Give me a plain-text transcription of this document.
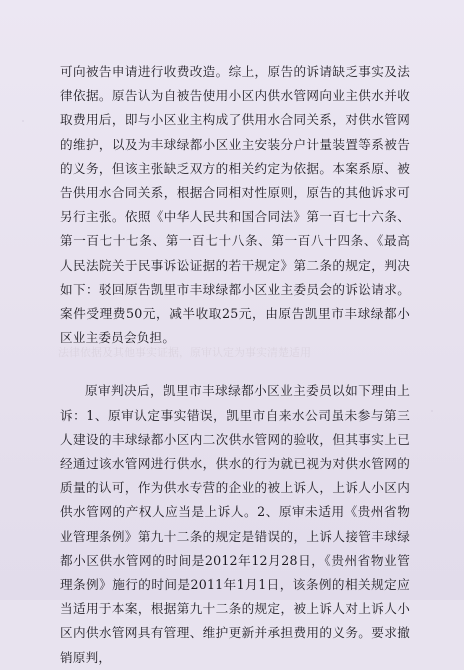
法律依据及其他事实证据，原审认定为事实清楚适用

可向被告申请进行收费改造。综上，原告的诉请缺乏事实及法律依据。原告认为自被告使用小区内供水管网向业主供水并收取费用后，即与小区业主构成了供用水合同关系，对供水管网的维护，以及为丰球绿都小区业主安装分户计量装置等系被告的义务，但该主张缺乏双方的相关约定为依据。本案系原、被告供用水合同关系，根据合同相对性原则，原告的其他诉求可另行主张。依照《中华人民共和国合同法》第一百七十六条、第一百七十七条、第一百七十八条、第一百八十四条、《最高人民法院关于民事诉讼证据的若干规定》第二条的规定，判决如下：驳回原告凯里市丰球绿都小区业主委员会的诉讼请求。案件受理费50元，减半收取25元，由原告凯里市丰球绿都小区业主委员会负担。

原审判决后，凯里市丰球绿都小区业主委员以如下理由上诉：1、原审认定事实错误，凯里市自来水公司虽未参与第三人建设的丰球绿都小区内二次供水管网的验收，但其事实上已经通过该水管网进行供水，供水的行为就已视为对供水管网的质量的认可，作为供水专营的企业的被上诉人，上诉人小区内供水管网的产权人应当是上诉人。2、原审未适用《贵州省物业管理条例》第九十二条的规定是错误的，上诉人接管丰球绿都小区供水管网的时间是2012年12月28日，《贵州省物业管理条例》施行的时间是2011年1月1日，该条例的相关规定应当适用于本案，根据第九十二条的规定，被上诉人对上诉人小区内供水管网具有管理、维护更新并承担费用的义务。要求撤销原判，
